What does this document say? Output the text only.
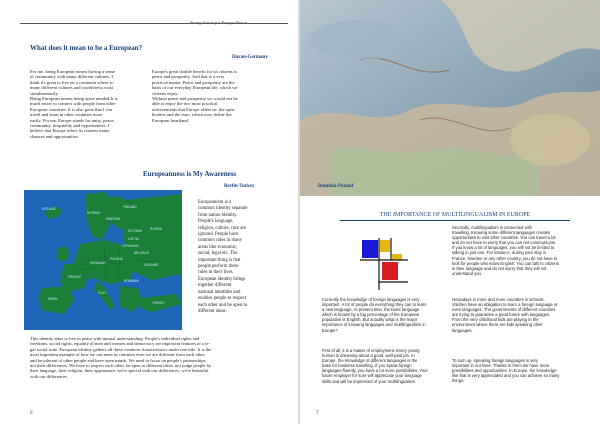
Young Action for Europe Vision

What does it mean to be a European?

Haran-Germany

For me, being European means having a sense
of community with many different cultures. I
think it's great to live on a continent where so
many different cultures and worldviews exist
simultaneously.
Being European means being open-minded.It is
much easier to connect with people from other
European countries. It is also great that I can
travel and learn in other countries more
easily. For me, Europe stands for unity, peace,
community, hospitality and opportunities. I
believe that Europe offers its citizens many
chances and opportunities.

Europe's great double benefit for us citizens is
peace and prosperity. And that is a very
practical matter. Peace and prosperity are the
basis of our everyday European life, which we
citizens enjoy.
Without peace and prosperity we would not be
able to enjoy the two most practical
achievements that Europe offers us: the open
borders and the euro, which now define the
European heartland.

Europeanness is My Awareness

Berfin-Turkey

ICELAND
NORWAY
SWEDEN
FINLAND
RUSSIA
ESTONIA
LATVIA
LITHUANIA
BELARUS
POLAND
GERMANY
FRANCE
SPAIN
ITALY
UKRAINE
ROMANIA
TURKEY

Europeanism is a
common identity separate
from nation identity.
People's language,
religion, culture, race are
ignored. People have
common rules in many
areas like economic,
social, legal etc. The
important thing is that
people perform these
rules in their lives.
European identity brings
together different
national identities and
enables people to respect
each other and be open to
different ideas.

This identity aims to live in peace with mutual understanding. People's individual rights and
freedoms, social rights, equality of men and women and democracy are important features of a le-
gal social state. European identity gathers all these common characteristics under one title. It is the
most important example of how we can meet in common even we are different from each other
and be tolerant of other people and have open minds. We need to focus on people's partnerships,
not their differences. We have to respect each other, be open to different ideas, not judge people by
their language, their religion, their appearance: we're special with our differences, we're beautiful
with our differences.

6

Dominia-Poland

THE IMPORTANCE OF MULTILINGUALISM IN EUROPE

Secondly, multilingualism is connected with
travelling. Knowing some different languages creates
opportunities to visit other countries. You can travel a lot
and do not have to worry that you can not communicate.
If you know a lot of languages, you will not be limited to
talking in just one. For instance, during your stay in
France, Sweden or any other country, you do not have to
look for people who know English. You can talk to citizens
in their language and do not worry that they will not
understand you.

Currently the knowledge of foreign languages is very
important. A lot of people do everything they can to learn
a new language. At present time, the basic language
which is known by a big percentage of the European
population is English. But actually what is the major
importance of knowing languages and multilingualism in
Europe?

Nowadays in more and more countries in schools,
children have an obligation to learn a foreign language or
even languages. The governments of different countries
are trying to guarantee a good future with languages.
From the very childhood kids are playing in the
environment where there are kids speaking other
languages.

First of all, it is a matter of employment. Every young
human is dreaming about a good, well-paid job. In
Europe, the knowledge of different languages is the
base for business travelling. If you speak foreign
languages fluently, you have a lot more possibilities. Your
future employer for sure will appreciate your language
skills and will be impressed of your multilingualism.

To sum up, speaking foreign languages is very
important in our lives. Thanks to them we have more
possibilities and opportunities. In Europe, the knowledge
like that is very appreciated and you can achieve so many
things.

7
